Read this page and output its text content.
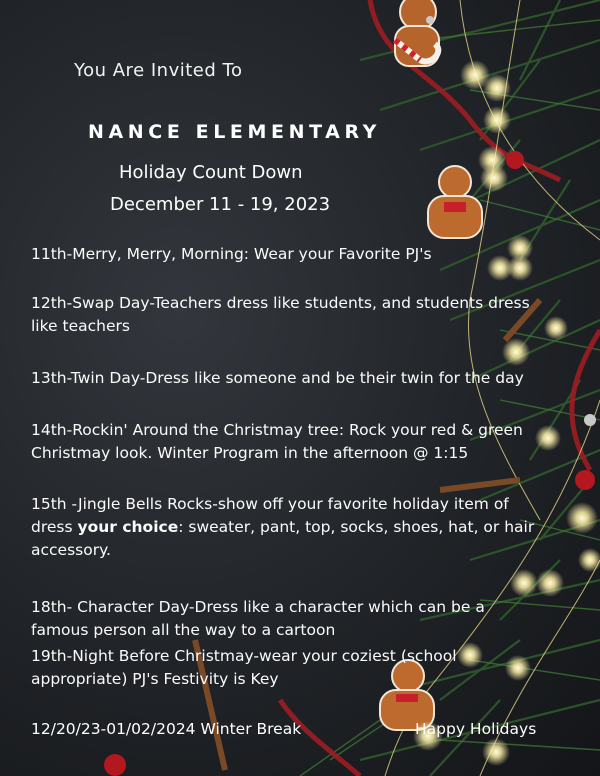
You Are Invited To
NANCE ELEMENTARY
Holiday Count Down
December 11 - 19, 2023
11th-Merry, Merry, Morning: Wear your Favorite PJ's
12th-Swap Day-Teachers dress like students, and students dress
like teachers
13th-Twin Day-Dress like someone and be their twin for the day
14th-Rockin' Around the Christmay tree: Rock your red & green
Christmay look. Winter Program in the afternoon @ 1:15
15th -Jingle Bells Rocks-show off your favorite holiday item of
dress your choice: sweater, pant, top, socks, shoes, hat, or hair
accessory.
18th- Character Day-Dress like a character which can be a
famous person all the way to a cartoon
19th-Night Before Christmay-wear your coziest (school
appropriate) PJ's Festivity is Key
12/20/23-01/02/2024 Winter Break	Happy Holidays
